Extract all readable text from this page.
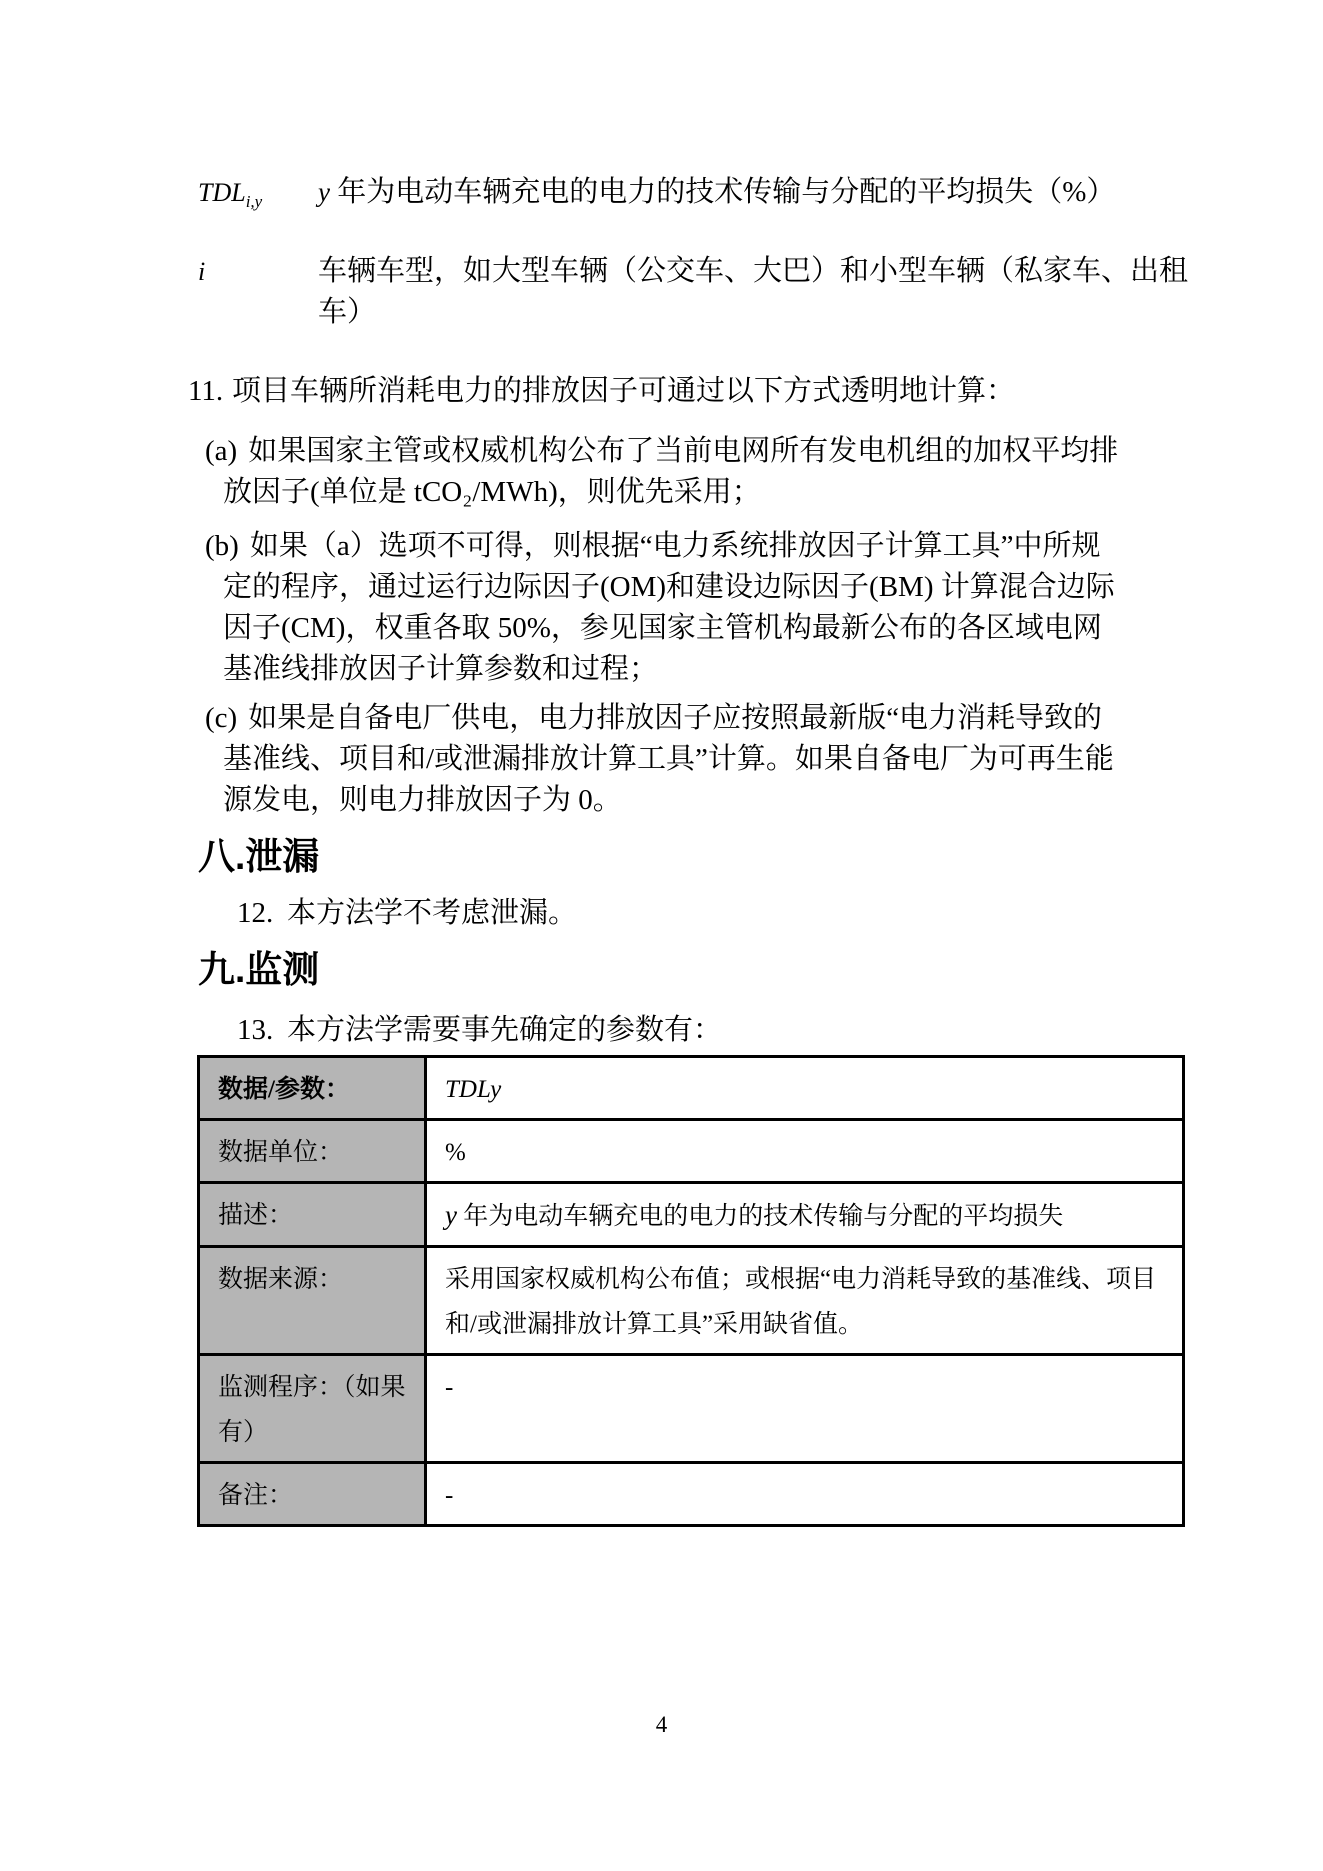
$TDL_{i,y}$	y 年为电动车辆充电的电力的技术传输与分配的平均损失（%）
i	车辆车型，如大型车辆（公交车、大巴）和小型车辆（私家车、出租车）
11. 项目车辆所消耗电力的排放因子可通过以下方式透明地计算：
(a) 如果国家主管或权威机构公布了当前电网所有发电机组的加权平均排放因子(单位是 tCO₂/MWh)，则优先采用；
(b) 如果（a）选项不可得，则根据“电力系统排放因子计算工具”中所规定的程序，通过运行边际因子(OM)和建设边际因子(BM) 计算混合边际因子(CM)，权重各取 50%，参见国家主管机构最新公布的各区域电网基准线排放因子计算参数和过程；
(c) 如果是自备电厂供电，电力排放因子应按照最新版“电力消耗导致的基准线、项目和/或泄漏排放计算工具”计算。如果自备电厂为可再生能源发电，则电力排放因子为 0。
八.泄漏
12. 本方法学不考虑泄漏。
九.监测
13. 本方法学需要事先确定的参数有：
数据/参数：	TDLy
数据单位：	%
描述：	y 年为电动车辆充电的电力的技术传输与分配的平均损失
数据来源：	采用国家权威机构公布值；或根据“电力消耗导致的基准线、项目和/或泄漏排放计算工具”采用缺省值。
监测程序：（如果有）	-
备注：	-
4
